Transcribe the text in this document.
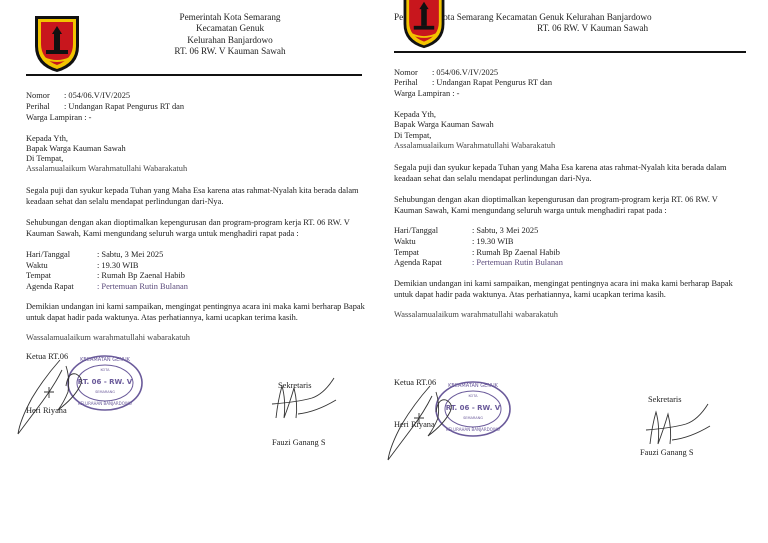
Pemerintah Kota Semarang
Kecamatan Genuk
Kelurahan Banjardowo
RT. 06 RW. V Kauman Sawah
Nomor : 054/06.V/IV/2025
Perihal : Undangan Rapat Pengurus RT dan
Warga Lampiran : -
Kepada Yth,
Bapak Warga Kauman Sawah
Di Tempat,
Assalamualaikum Warahmatullahi Wabarakatuh
Segala puji dan syukur kepada Tuhan yang Maha Esa karena atas rahmat-Nyalah kita berada dalam keadaan sehat dan selalu mendapat perlindungan dari-Nya.
Sehubungan dengan akan dioptimalkan kepengurusan dan program-program kerja RT. 06 RW. V Kauman Sawah, Kami mengundang seluruh warga untuk menghadiri rapat pada :
Hari/Tanggal	: Sabtu, 3 Mei 2025
Waktu	: 19.30 WIB
Tempat	: Rumah Bp Zaenal Habib
Agenda Rapat	: Pertemuan Rutin Bulanan
Demikian undangan ini kami sampaikan, mengingat pentingnya acara ini maka kami berharap Bapak untuk dapat hadir pada waktunya. Atas perhatiannya, kami ucapkan terima kasih.
Wassalamualaikum warahmatullahi wabarakatuh
Ketua RT.06	KECAMATAN GENUK
KOTA
RT. 06 - RW. V
SEMARANG
KELURAHAN BANJARDOWO
Heri Riyana
Sekretaris
Fauzi Ganang S
Pe	ota Semarang Kecamatan Genuk Kelurahan Banjardowo
RT. 06 RW. V Kauman Sawah
Nomor : 054/06.V/IV/2025
Perihal : Undangan Rapat Pengurus RT dan
Warga Lampiran : -
Kepada Yth,
Bapak Warga Kauman Sawah
Di Tempat,
Assalamualaikum Warahmatullahi Wabarakatuh
Segala puji dan syukur kepada Tuhan yang Maha Esa karena atas rahmat-Nyalah kita berada dalam keadaan sehat dan selalu mendapat perlindungan dari-Nya.
Sehubungan dengan akan dioptimalkan kepengurusan dan program-program kerja RT. 06 RW. V Kauman Sawah, Kami mengundang seluruh warga untuk menghadiri rapat pada :
Hari/Tanggal	: Sabtu, 3 Mei 2025
Waktu	: 19.30 WIB
Tempat	: Rumah Bp Zaenal Habib
Agenda Rapat	: Pertemuan Rutin Bulanan
Demikian undangan ini kami sampaikan, mengingat pentingnya acara ini maka kami berharap Bapak untuk dapat hadir pada waktunya. Atas perhatiannya, kami ucapkan terima kasih.
Wassalamualaikum warahmatullahi wabarakatuh
Ketua RT.06	KECAMATAN GENUK
KOTA
RT. 06 - RW. V
SEMARANG
KELURAHAN BANJARDOWO
Heri Riyana
Sekretaris
Fauzi Ganang S
